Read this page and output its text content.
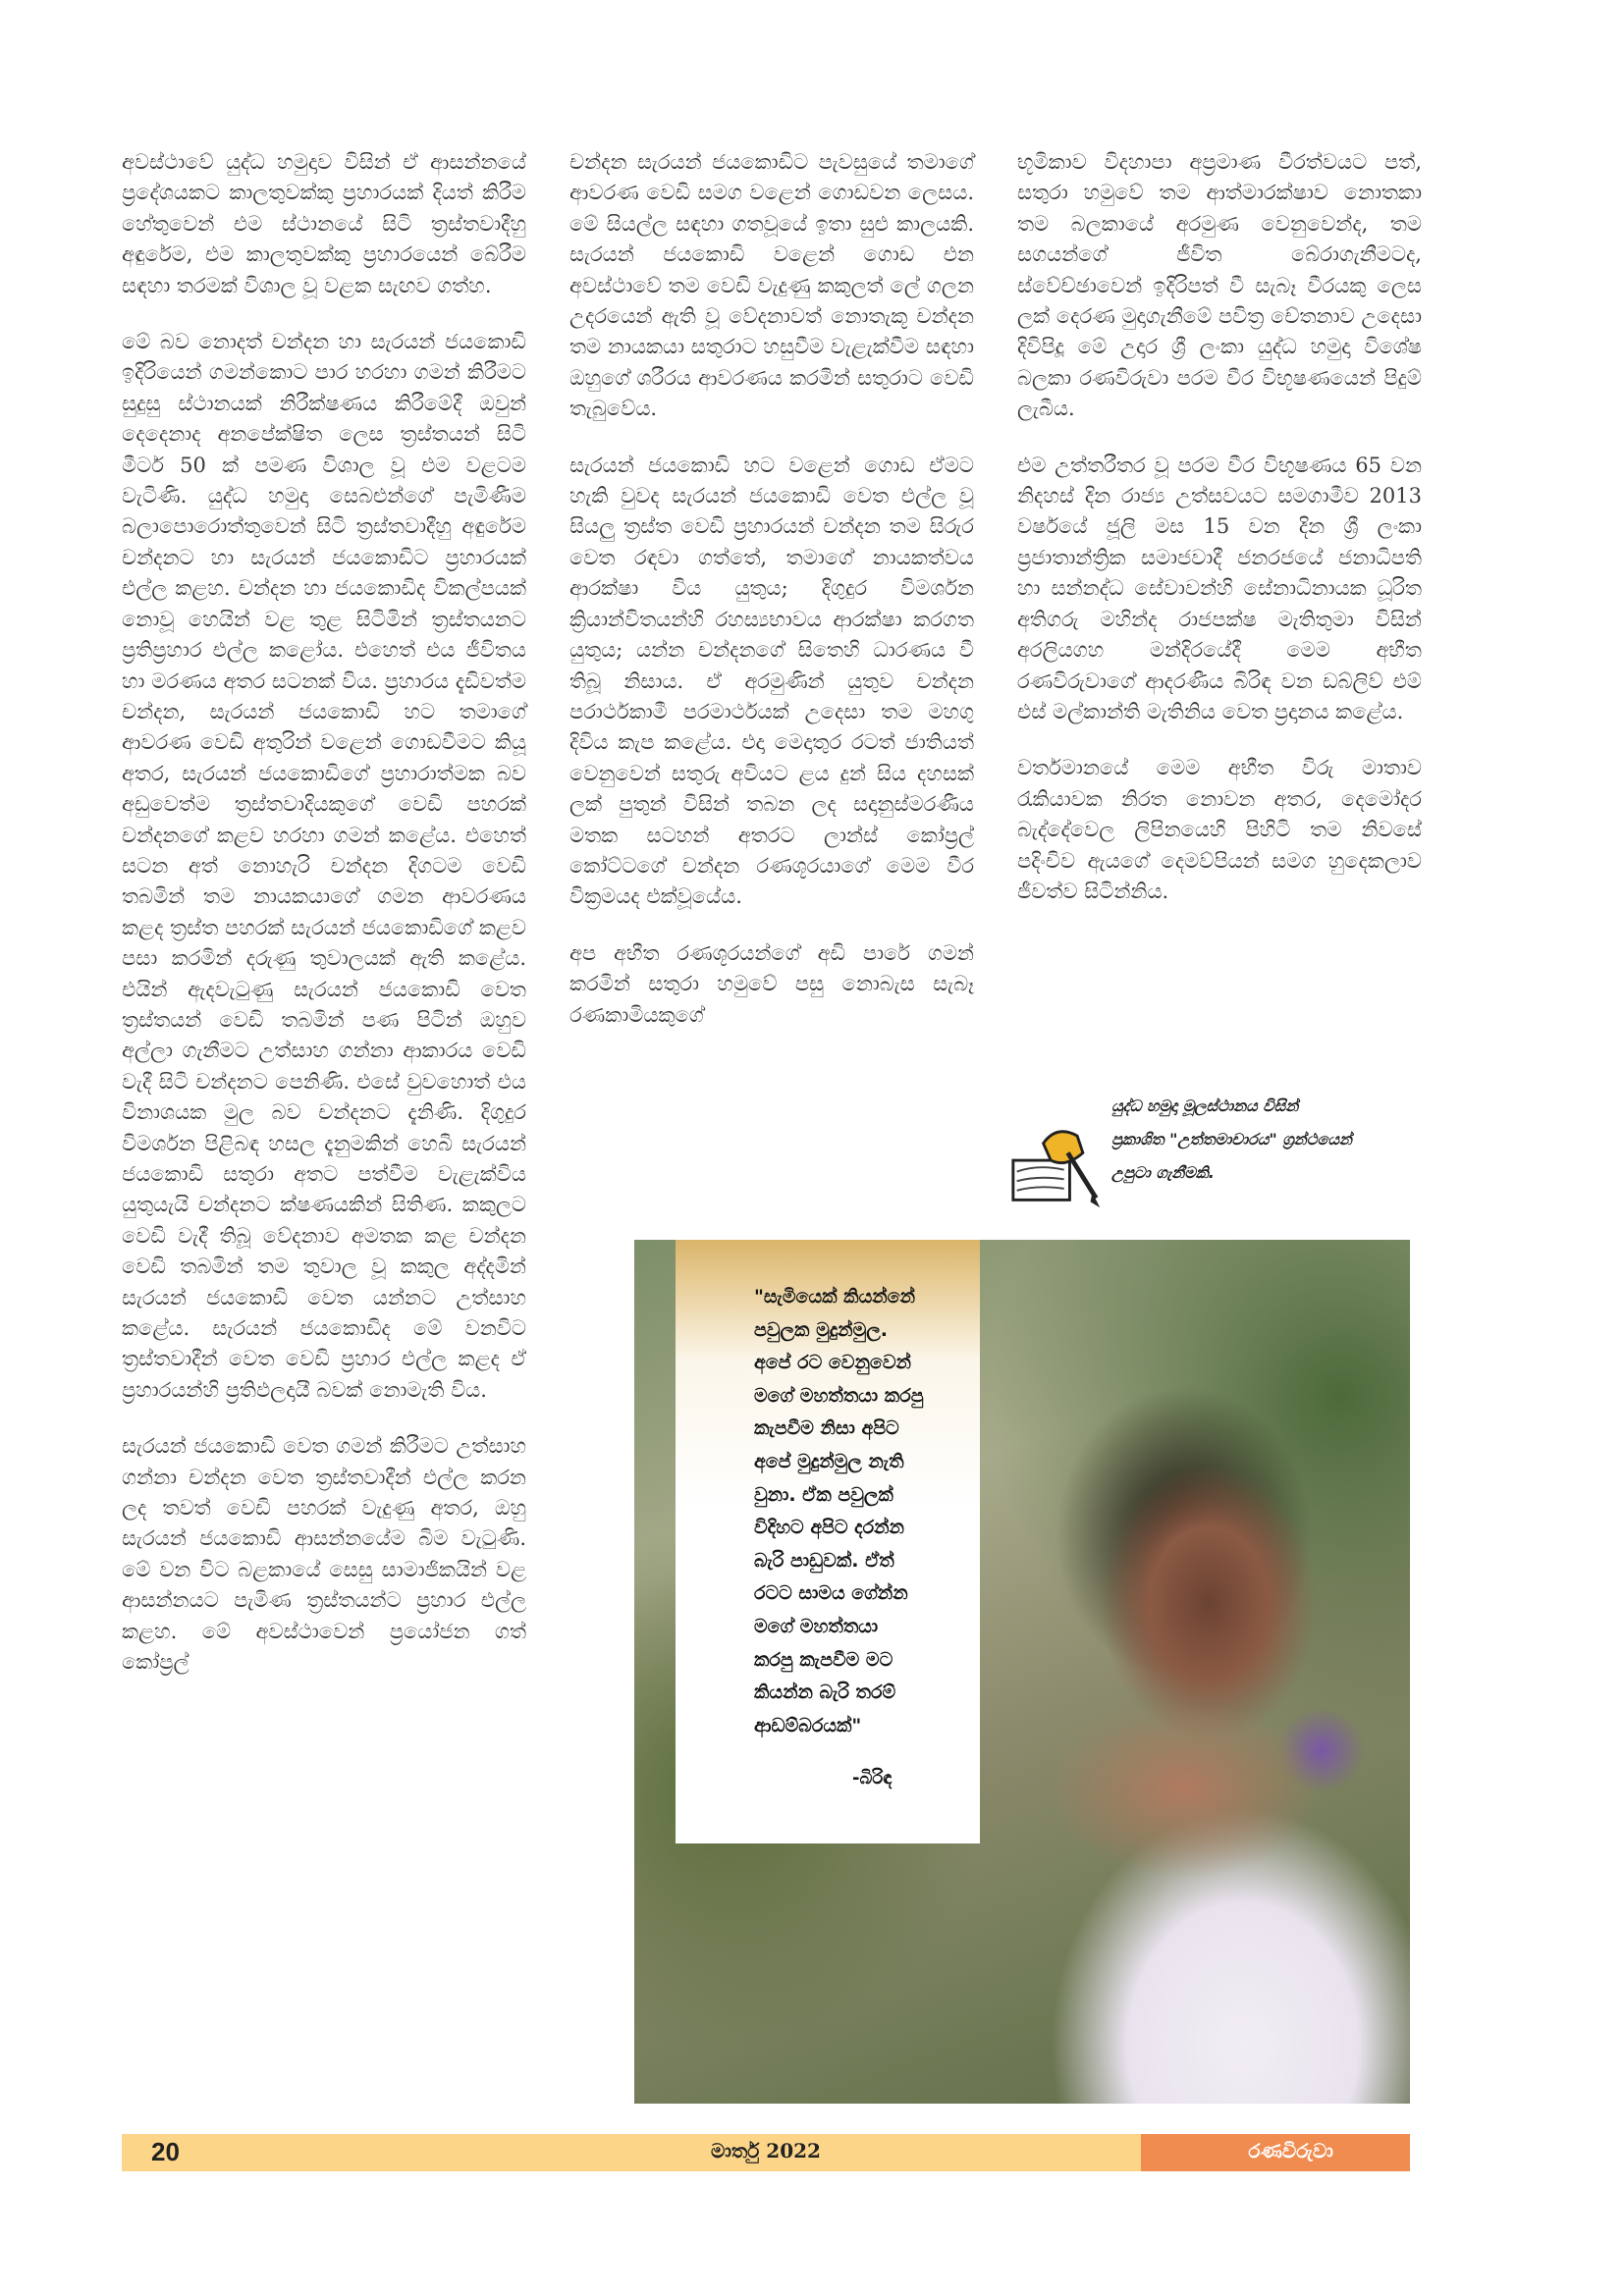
අවස්ථාවේ යුද්ධ හමුදාව විසින් ඒ ආසන්නයේ ප්‍රදේශයකට කාලතුවක්කු ප්‍රහාරයක් දියත් කිරීම හේතුවෙන් එම ස්ථානයේ සිටි ත්‍රස්තවාදීහු අඳුරේම, එම කාලතුවක්කු ප්‍රහාරයෙන් බේරීම සඳහා තරමක් විශාල වූ වළක සැඟව ගත්හ.

මේ බව නොදත් චන්දන හා සැරයන් ජයකොඩි ඉදිරියෙන් ගමන්කොට පාර හරහා ගමන් කිරීමට සුදුසු ස්ථානයක් නිරීක්ෂණය කිරීමේදී ඔවුන් දෙදෙනාද අනපේක්ෂිත ලෙස ත්‍රස්තයන් සිටි මීටර් 50 ක් පමණ විශාල වූ එම වළටම වැටිණි. යුද්ධ හමුදා සෙබළුන්ගේ පැමිණීම බලාපොරොත්තුවෙන් සිටි ත්‍රස්තවාදීහු අඳුරේම චන්දනට හා සැරයන් ජයකොඩිට ප්‍රහාරයක් එල්ල කළහ. චන්දන හා ජයකොඩිද විකල්පයක් නොවූ හෙයින් වළ තුළ සිටිමින් ත්‍රස්තයනට ප්‍රතිප්‍රහාර එල්ල කළෝය. එහෙත් එය ජීවිතය හා මරණය අතර සටනක් විය. ප්‍රහාරය දැඩිවත්ම චන්දන, සැරයන් ජයකොඩි හට තමාගේ ආවරණ වෙඩි අතුරින් වළෙන් ගොඩවීමට කියූ අතර, සැරයන් ජයකොඩිගේ ප්‍රහාරාත්මක බව අඩුවෙත්ම ත්‍රස්තවාදියකුගේ වෙඩි පහරක් චන්දනගේ කළව හරහා ගමන් කළේය. එහෙත් සටන අත් නොහැරි චන්දන දිගටම වෙඩි තබමින් තම නායකයාගේ ගමන ආවරණය කළද ත්‍රස්ත පහරක් සැරයන් ජයකොඩිගේ කළව පසා කරමින් දරුණු තුවාලයක් ඇති කළේය. එයින් ඇදවැටුණු සැරයන් ජයකොඩි වෙත ත්‍රස්තයන් වෙඩි තබමින් පණ පිටින් ඔහුව අල්ලා ගැනීමට උත්සාහ ගන්නා ආකාරය වෙඩි වැදී සිටි චන්දනට පෙනිණි. එසේ වුවහොත් එය විනාශයක මුල බව චන්දනට දැනිණි. දිගුදුර විමර්ශන පිළිබඳ හසල දැනුමකින් හෙබි සැරයන් ජයකොඩි සතුරා අතට පත්වීම වැළැක්විය යුතුයැයි චන්දනට ක්ෂණයකින් සිතිණ. කකුලට වෙඩි වැදී තිබූ වේදනාව අමතක කළ චන්දන වෙඩි තබමින් තම තුවාල වූ කකුල අද්දමින් සැරයන් ජයකොඩි වෙත යන්නට උත්සාහ කළේය. සැරයන් ජයකොඩිද මේ වනවිට ත්‍රස්තවාදීන් වෙත වෙඩි ප්‍රහාර එල්ල කළද ඒ ප්‍රහාරයන්හි ප්‍රතිඵලදායී බවක් නොමැති විය.

සැරයන් ජයකොඩි වෙත ගමන් කිරීමට උත්සාහ ගන්නා චන්දන වෙත ත්‍රස්තවාදීන් එල්ල කරන ලද තවත් වෙඩි පහරක් වැදුණු අතර, ඔහු සැරයන් ජයකොඩි ආසන්නයේම බිම වැටුණි. මේ වන විට බළකායේ සෙසු සාමාජිකයින් වළ ආසන්නයට පැමිණ ත්‍රස්තයන්ට ප්‍රහාර එල්ල කළහ. මේ අවස්ථාවෙන් ප්‍රයෝජන ගත් කෝප්‍රල්

චන්දන සැරයන් ජයකොඩිට පැවසුයේ තමාගේ ආවරණ වෙඩි සමග වළෙන් ගොඩවන ලෙසය. මේ සියල්ල සඳහා ගතවූයේ ඉතා සුළු කාලයකි. සැරයන් ජයකොඩි වළෙන් ගොඩ එන අවස්ථාවේ තම වෙඩි වැදුණු කකුලත් ලේ ගලන උදරයෙන් ඇති වූ වේදනාවත් නොතැකූ චන්දන තම නායකයා සතුරාට හසුවීම වැළැක්වීම සඳහා ඔහුගේ ශරීරය ආවරණය කරමින් සතුරාට වෙඩි තැබුවේය.

සැරයන් ජයකොඩි හට වළෙන් ගොඩ ඒමට හැකි වුවද සැරයන් ජයකොඩි වෙත එල්ල වූ සියලු ත්‍රස්ත වෙඩි ප්‍රහාරයන් චන්දන තම සිරුර වෙත රඳවා ගත්තේ, තමාගේ නායකත්වය ආරක්ෂා විය යුතුය; දිගුදුර විමර්ශන ක්‍රියාන්විතයන්හි රහස්‍යභාවය ආරක්ෂා කරගත යුතුය; යන්න චන්දනගේ සිතෙහි ධාරණය වී තිබූ නිසාය. ඒ අරමුණින් යුතුව චන්දන පරාර්ථකාමී පරමාර්ථයක් උදෙසා තම මහගු දිවිය කැප කළේය. එදා මෙදාතුර රටත් ජාතියත් වෙනුවෙන් සතුරු අවියට ළය දුන් සිය දහසක් ලක් පුතුන් විසින් තබන ලද සදානුස්මරණීය මතක සටහන් අතරට ලාන්ස් කෝප්‍රල් කෝට්ටගේ චන්දන රණශූරයාගේ මෙම වීර වික්‍රමයද එක්වූයේය.

අප අභීත රණශූරයන්ගේ අඩි පාරේ ගමන් කරමින් සතුරා හමුවේ පසු නොබැස සැබෑ රණකාමියකුගේ

භූමිකාව විදහාපා අප්‍රමාණ වීරත්වයට පත්, සතුරා හමුවේ තම ආත්මාරක්ෂාව නොතකා තම බලකායේ අරමුණ වෙනුවෙන්ද, තම සගයන්ගේ ජීවිත බේරාගැනීමටද, ස්වේච්ඡාවෙන් ඉදිරිපත් වී සැබෑ වීරයකු ලෙස ලක් දෙරණ මුදාගැනීමේ පවිත්‍ර චේතනාව උදෙසා දිවිපිදූ මේ උදාර ශ්‍රී ලංකා යුද්ධ හමුදා විශේෂ බලකා රණවිරුවා පරම වීර විභූෂණයෙන් පිදුම් ලැබීය.

එම උත්තරීතර වූ පරම වීර විභූෂණය 65 වන නිදහස් දින රාජ්‍ය උත්සවයට සමගාමීව 2013 වර්ෂයේ ජූලි මස 15 වන දින ශ්‍රී ලංකා ප්‍රජාතාන්ත්‍රික සමාජවාදී ජනරජයේ ජනාධිපති හා සන්නද්ධ සේවාවන්හි සේනාධිනායක ධූරිත අතිගරු මහින්ද රාජපක්ෂ මැතිතුමා විසින් අරලියගහ මන්දිරයේදී මෙම අභීත රණවිරුවාගේ ආදරණීය බිරිඳ වන ඩබ්ලිව් එම් එස් මල්කාන්ති මැතිනිය වෙත ප්‍රදානය කළේය.

වර්තමානයේ මෙම අභීත විරු මාතාව රැකියාවක නිරත නොවන අතර, දෙමෝදර බැද්දේවෙල ලිපිනයෙහි පිහිටි තම නිවසේ පදිංචිව ඇයගේ දෙමව්පියන් සමග හුදෙකලාව ජීවත්ව සිටින්නිය.

යුද්ධ හමුදා මූලස්ථානය විසින්
ප්‍රකාශිත "උත්තමාචාරය" ග්‍රන්ථයෙන්
උපුටා ගැනීමකි.
"සැමියෙක් කියන්නේ
පවුලක මුදුන්මුල.
අපේ රට වෙනුවෙන්
මගේ මහත්තයා කරපු
කැපවීම නිසා අපිට
අපේ මුදුන්මුල නැති
වුනා. ඒක පවුලක්
විදිහට අපිට දරන්න
බැරි පාඩුවක්. ඒත්
රටට සාමය ගේන්න
මගේ මහත්තයා
කරපු කැපවීම මට
කියන්න බැරි තරම්
ආඩම්බරයක්"
-බිරිඳ
20	මාර්තු 2022	රණවිරුවා
